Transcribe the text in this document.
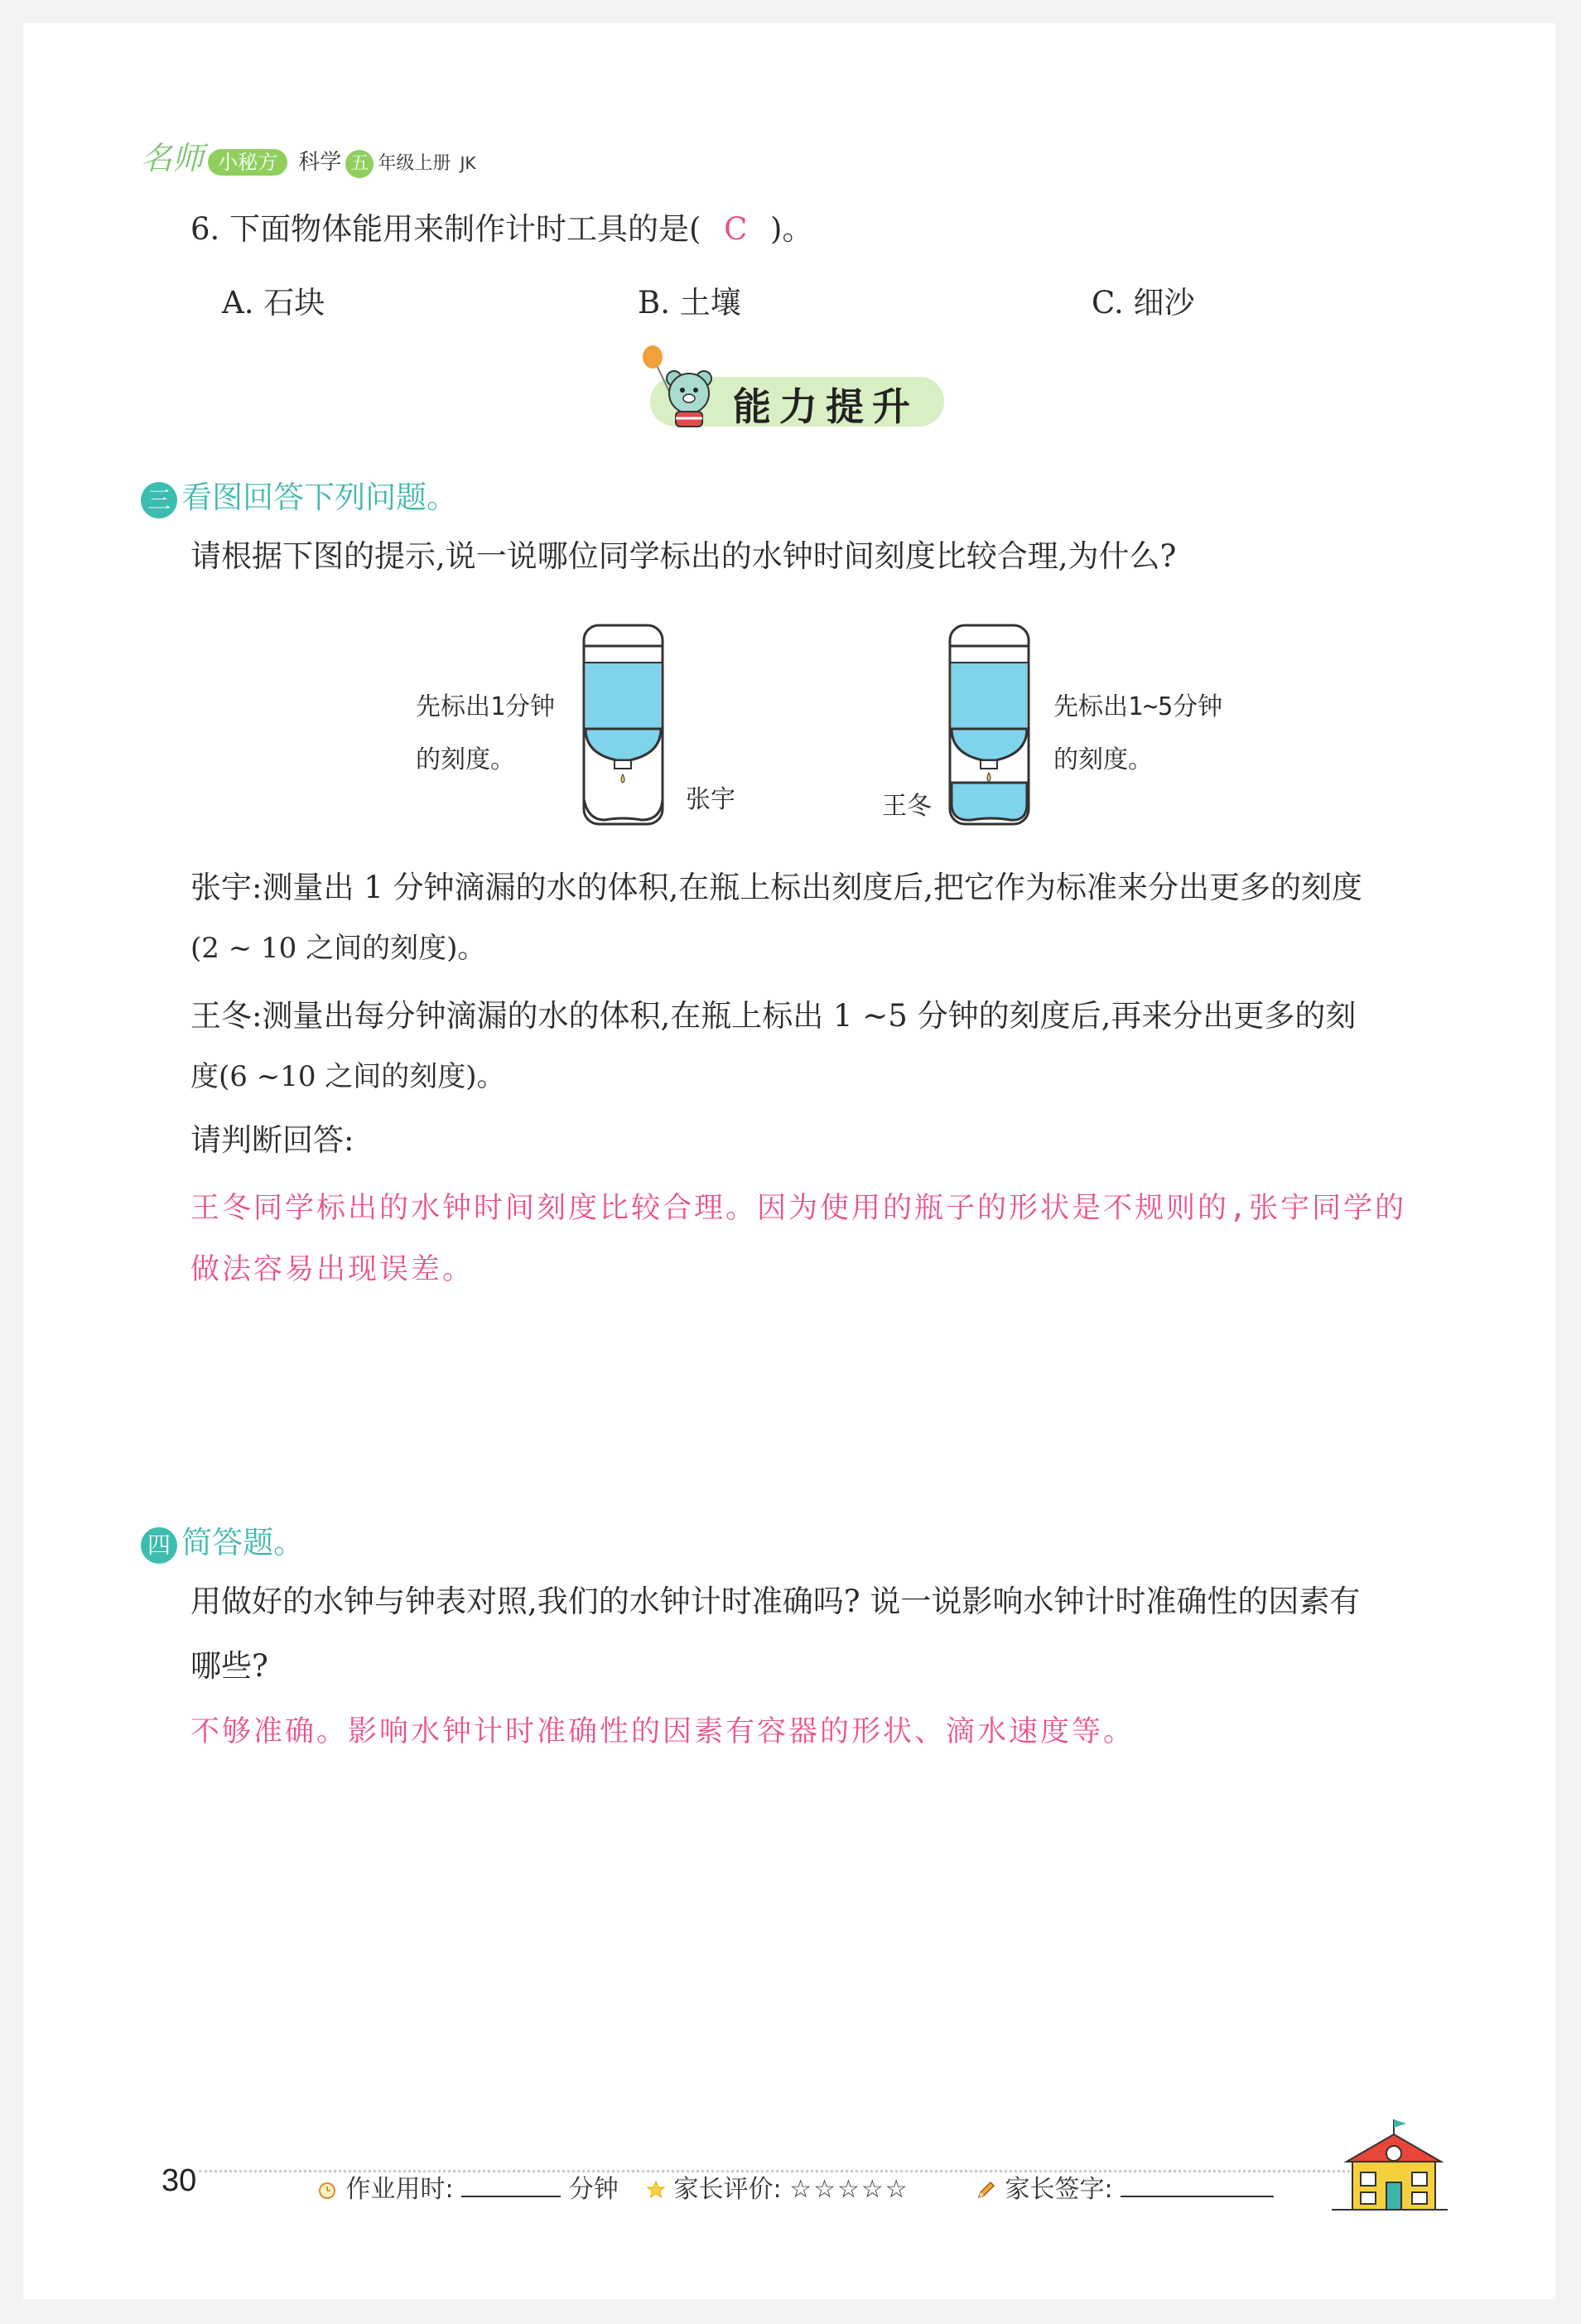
名师 小秘方 科学 五 年级上册 JK
6. 下面物体能用来制作计时工具的是( C )。
A. 石块	B. 土壤	C. 细沙
能力提升
三 看图回答下列问题。
请根据下图的提示,说一说哪位同学标出的水钟时间刻度比较合理,为什么?
先标出1分钟
的刻度。
张宇
先标出1~5分钟
的刻度。
王冬
张宇:测量出 1 分钟滴漏的水的体积,在瓶上标出刻度后,把它作为标准来分出更多的刻度
(2 ~ 10 之间的刻度)。
王冬:测量出每分钟滴漏的水的体积,在瓶上标出 1 ~5 分钟的刻度后,再来分出更多的刻
度(6 ~10 之间的刻度)。
请判断回答:
王冬同学标出的水钟时间刻度比较合理。因为使用的瓶子的形状是不规则的,张宇同学的
做法容易出现误差。
四 简答题。
用做好的水钟与钟表对照,我们的水钟计时准确吗? 说一说影响水钟计时准确性的因素有
哪些?
不够准确。影响水钟计时准确性的因素有容器的形状、滴水速度等。
30	作业用时:	分钟	家长评价: ☆☆☆☆☆	家长签字:
